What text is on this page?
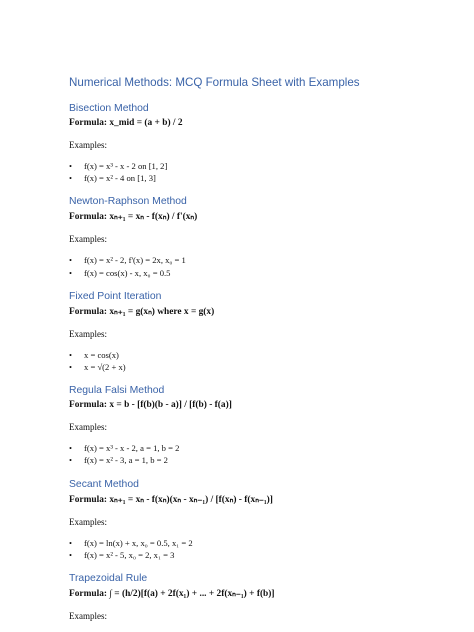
Numerical Methods: MCQ Formula Sheet with Examples
Bisection Method
Formula: x_mid = (a + b) / 2
Examples:
• f(x) = x³ - x - 2 on [1, 2]
• f(x) = x² - 4 on [1, 3]
Newton-Raphson Method
Formula: xₙ₊₁ = xₙ - f(xₙ) / f'(xₙ)
Examples:
• f(x) = x² - 2, f'(x) = 2x, x₀ = 1
• f(x) = cos(x) - x, x₀ = 0.5
Fixed Point Iteration
Formula: xₙ₊₁ = g(xₙ) where x = g(x)
Examples:
• x = cos(x)
• x = √(2 + x)
Regula Falsi Method
Formula: x = b - [f(b)(b - a)] / [f(b) - f(a)]
Examples:
• f(x) = x³ - x - 2, a = 1, b = 2
• f(x) = x² - 3, a = 1, b = 2
Secant Method
Formula: xₙ₊₁ = xₙ - f(xₙ)(xₙ - xₙ₋₁) / [f(xₙ) - f(xₙ₋₁)]
Examples:
• f(x) = ln(x) + x, x₀ = 0.5, x₁ = 2
• f(x) = x² - 5, x₀ = 2, x₁ = 3
Trapezoidal Rule
Formula: ∫ = (h/2)[f(a) + 2f(x₁) + ... + 2f(xₙ₋₁) + f(b)]
Examples:
